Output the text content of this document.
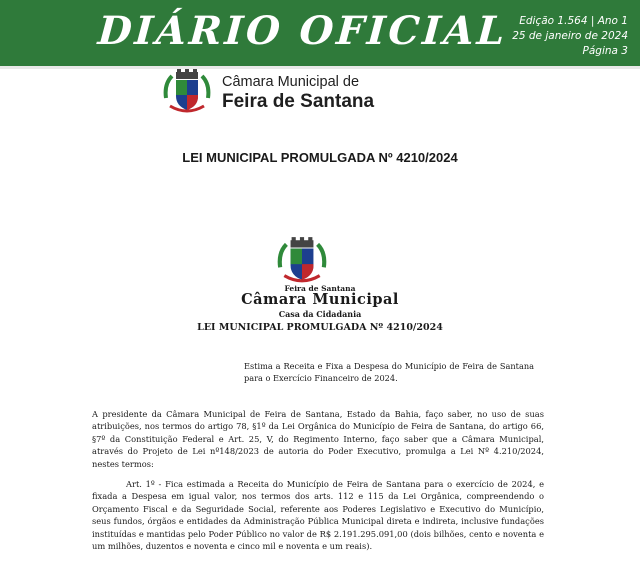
DIÁRIO OFICIAL Edição 1.564 | Ano 1
25 de janeiro de 2024
Página 3
Câmara Municipal de
Feira de Santana
LEI MUNICIPAL PROMULGADA Nº 4210/2024
Feira de Santana
Câmara Municipal
Casa da Cidadania
LEI MUNICIPAL PROMULGADA Nº 4210/2024
Estima a Receita e Fixa a Despesa do Município de Feira de Santana para o Exercício Financeiro de 2024.
A presidente da Câmara Municipal de Feira de Santana, Estado da Bahia, faço saber, no uso de suas atribuições, nos termos do artigo 78, §1º da Lei Orgânica do Município de Feira de Santana, do artigo 66, §7º da Constituição Federal e Art. 25, V, do Regimento Interno, faço saber que a Câmara Municipal, através do Projeto de Lei nº148/2023 de autoria do Poder Executivo, promulga a Lei Nº 4.210/2024, nestes termos:
Art. 1º - Fica estimada a Receita do Município de Feira de Santana para o exercício de 2024, e fixada a Despesa em igual valor, nos termos dos arts. 112 e 115 da Lei Orgânica, compreendendo o Orçamento Fiscal e da Seguridade Social, referente aos Poderes Legislativo e Executivo do Município, seus fundos, órgãos e entidades da Administração Pública Municipal direta e indireta, inclusive fundações instituídas e mantidas pelo Poder Público no valor de R$ 2.191.295.091,00 (dois bilhões, cento e noventa e um milhões, duzentos e noventa e cinco mil e noventa e um reais).
